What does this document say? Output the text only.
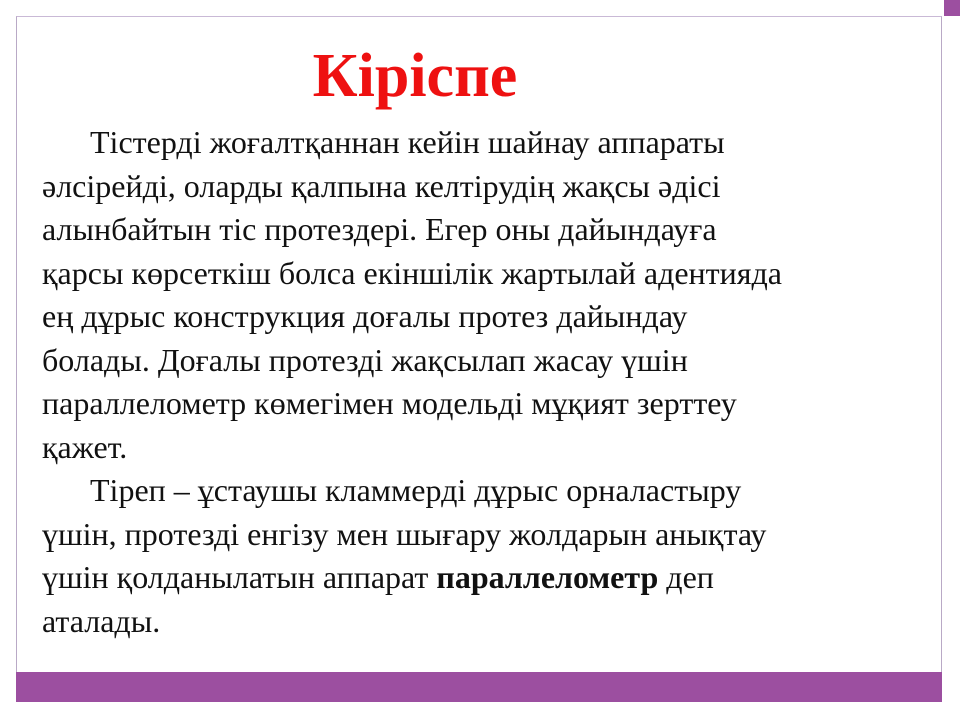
Кіріспе
Тістерді жоғалтқаннан кейін шайнау аппараты
әлсірейді, оларды қалпына келтірудің жақсы әдісі
алынбайтын тіс протездері. Егер оны дайындауға
қарсы көрсеткіш болса екіншілік жартылай адентияда
ең дұрыс конструкция доғалы протез дайындау
болады. Доғалы протезді жақсылап жасау үшін
параллелометр көмегімен модельді мұқият зерттеу
қажет.
Тіреп – ұстаушы кламмерді дұрыс орналастыру
үшін, протезді енгізу мен шығару жолдарын анықтау
үшін қолданылатын аппарат параллелометр деп
аталады.
